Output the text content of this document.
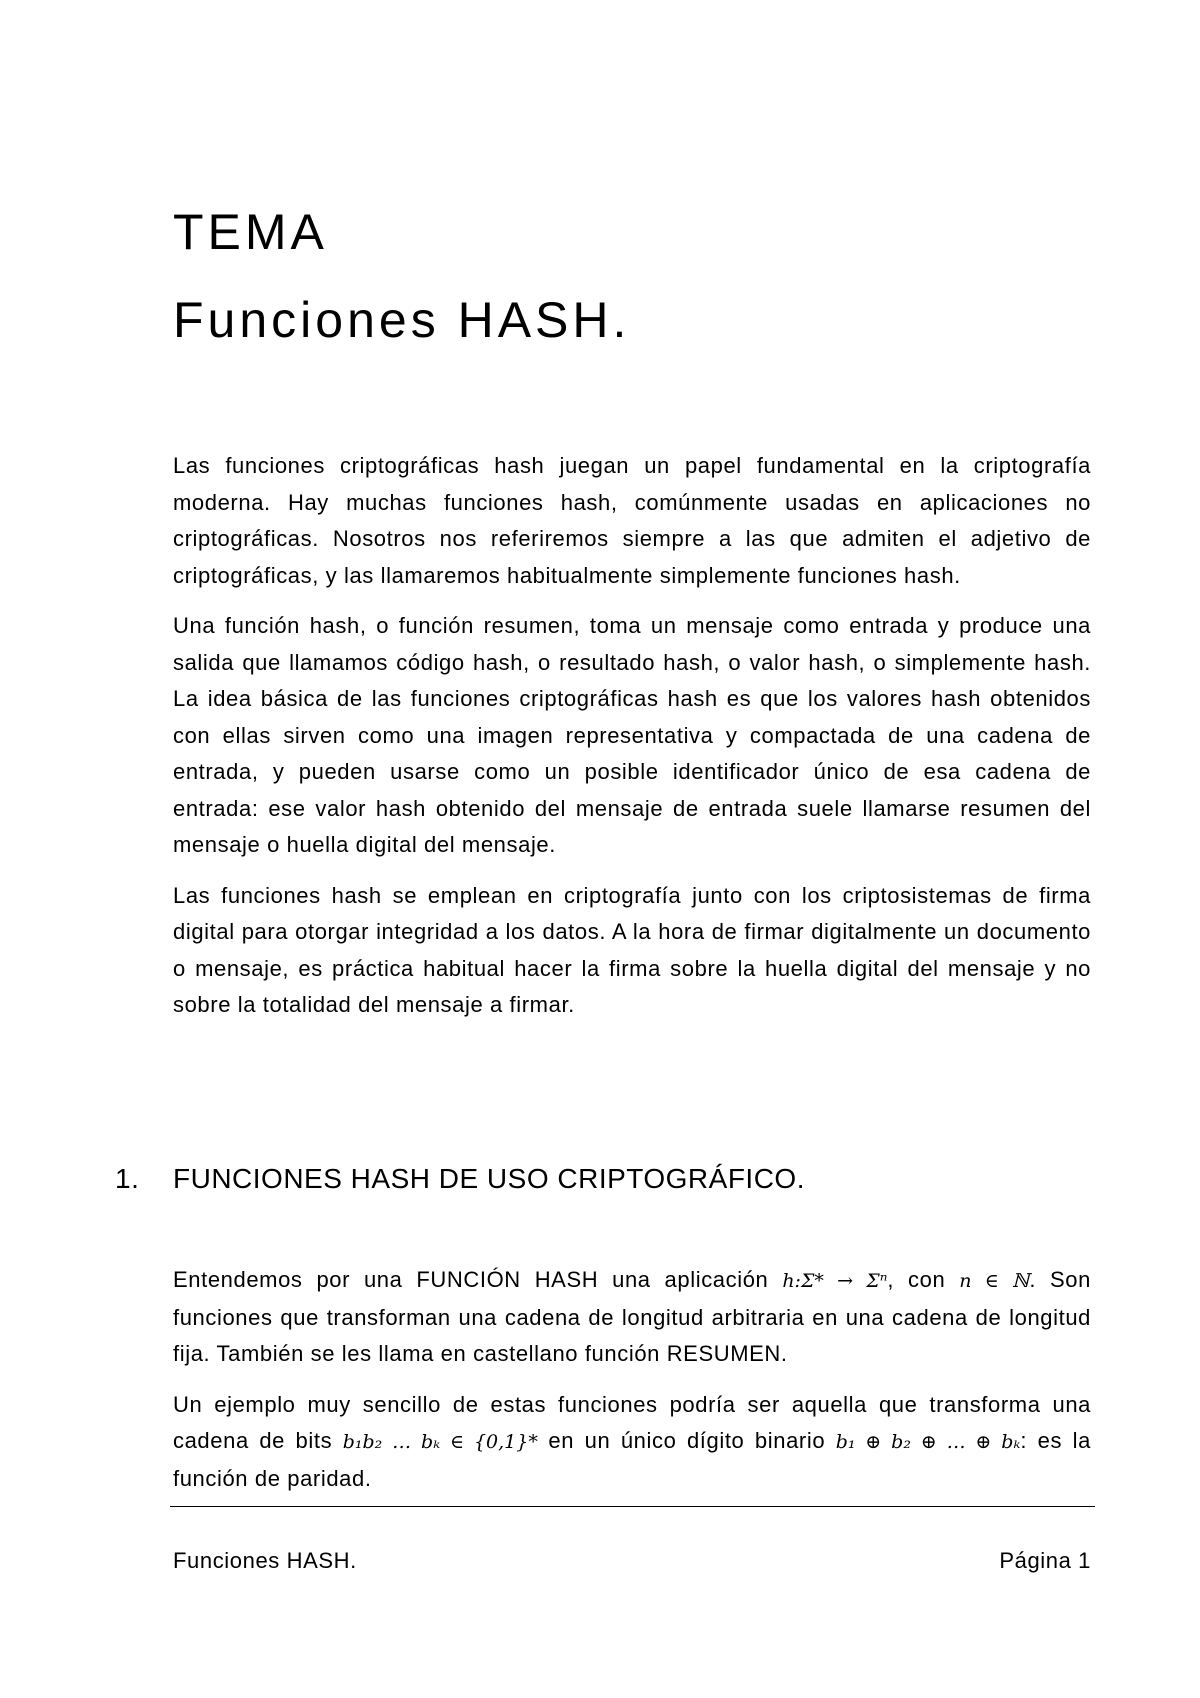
TEMA
Funciones HASH.

Las funciones criptográficas hash juegan un papel fundamental en la criptografía moderna. Hay muchas funciones hash, comúnmente usadas en aplicaciones no criptográficas. Nosotros nos referiremos siempre a las que admiten el adjetivo de criptográficas, y las llamaremos habitualmente simplemente funciones hash.

Una función hash, o función resumen, toma un mensaje como entrada y produce una salida que llamamos código hash, o resultado hash, o valor hash, o simplemente hash. La idea básica de las funciones criptográficas hash es que los valores hash obtenidos con ellas sirven como una imagen representativa y compactada de una cadena de entrada, y pueden usarse como un posible identificador único de esa cadena de entrada: ese valor hash obtenido del mensaje de entrada suele llamarse resumen del mensaje o huella digital del mensaje.

Las funciones hash se emplean en criptografía junto con los criptosistemas de firma digital para otorgar integridad a los datos. A la hora de firmar digitalmente un documento o mensaje, es práctica habitual hacer la firma sobre la huella digital del mensaje y no sobre la totalidad del mensaje a firmar.

1.	FUNCIONES HASH DE USO CRIPTOGRÁFICO.

Entendemos por una FUNCIÓN HASH una aplicación h:Σ* → Σⁿ, con n ∈ ℕ. Son funciones que transforman una cadena de longitud arbitraria en una cadena de longitud fija. También se les llama en castellano función RESUMEN.

Un ejemplo muy sencillo de estas funciones podría ser aquella que transforma una cadena de bits b₁b₂ … bₖ ∈ {0,1}* en un único dígito binario b₁ ⊕ b₂ ⊕ … ⊕ bₖ: es la función de paridad.

Funciones HASH.	Página 1
